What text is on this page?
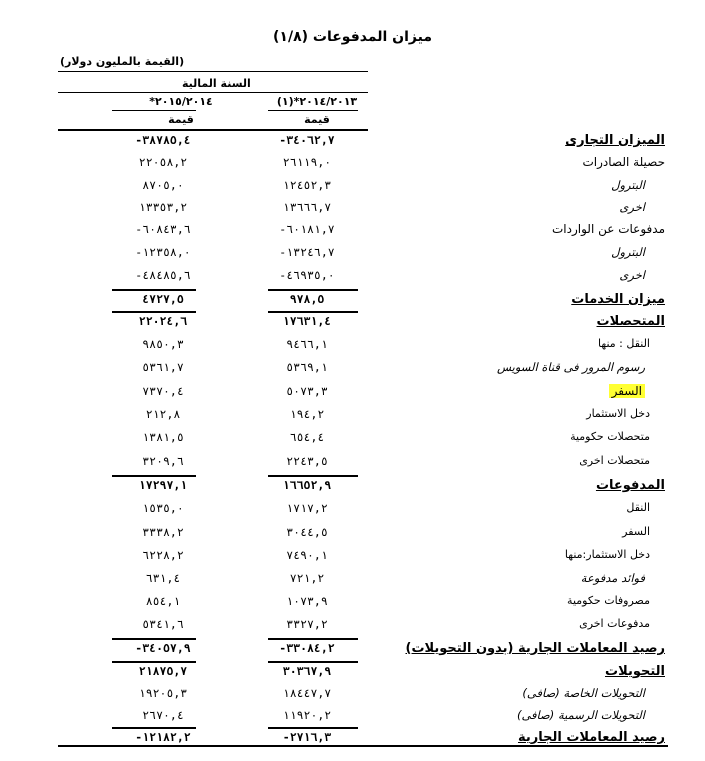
(١/٨) ميزان المدفوعات
(القيمة بالمليون دولار)
السنة المالية
*٢٠١٥/٢٠١٤	(١)*٢٠١٤/٢٠١٣
قيمة	قيمة
-٣٨٧٨٥,٤	-٣٤٠٦٢,٧	الميزان التجارى
٢٢٠٥٨,٢	٢٦١١٩,٠	حصيلة الصادرات
٨٧٠٥,٠	١٢٤٥٢,٣	البترول
١٣٣٥٣,٢	١٣٦٦٦,٧	اخرى
-٦٠٨٤٣,٦	-٦٠١٨١,٧	مدفوعات عن الواردات
-١٢٣٥٨,٠	-١٣٢٤٦,٧	البترول
-٤٨٤٨٥,٦	-٤٦٩٣٥,٠	اخرى
٤٧٢٧,٥	٩٧٨,٥	ميزان الخدمات
٢٢٠٢٤,٦	١٧٦٣١,٤	المتحصلات
٩٨٥٠,٣	٩٤٦٦,١	النقل : منها
٥٣٦١,٧	٥٣٦٩,١	رسوم المرور فى قناة السويس
٧٣٧٠,٤	٥٠٧٣,٣	السفر
٢١٢,٨	١٩٤,٢	دخل الاستثمار
١٣٨١,٥	٦٥٤,٤	متحصلات حكومية
٣٢٠٩,٦	٢٢٤٣,٥	متحصلات اخرى
١٧٢٩٧,١	١٦٦٥٢,٩	المدفوعات
١٥٣٥,٠	١٧١٧,٢	النقل
٣٣٣٨,٢	٣٠٤٤,٥	السفر
٦٢٢٨,٢	٧٤٩٠,١	دخل الاستثمار:منها
٦٣١,٤	٧٢١,٢	فوائد مدفوعة
٨٥٤,١	١٠٧٣,٩	مصروفات حكومية
٥٣٤١,٦	٣٣٢٧,٢	مدفوعات اخرى
-٣٤٠٥٧,٩	-٣٣٠٨٤,٢	رصيد المعاملات الجارية (بدون التحويلات)
٢١٨٧٥,٧	٣٠٣٦٧,٩	التحويلات
١٩٢٠٥,٣	١٨٤٤٧,٧	التحويلات الخاصة (صافى)
٢٦٧٠,٤	١١٩٢٠,٢	التحويلات الرسمية (صافى)
-١٢١٨٢,٢	-٢٧١٦,٣	رصيد المعاملات الجارية
